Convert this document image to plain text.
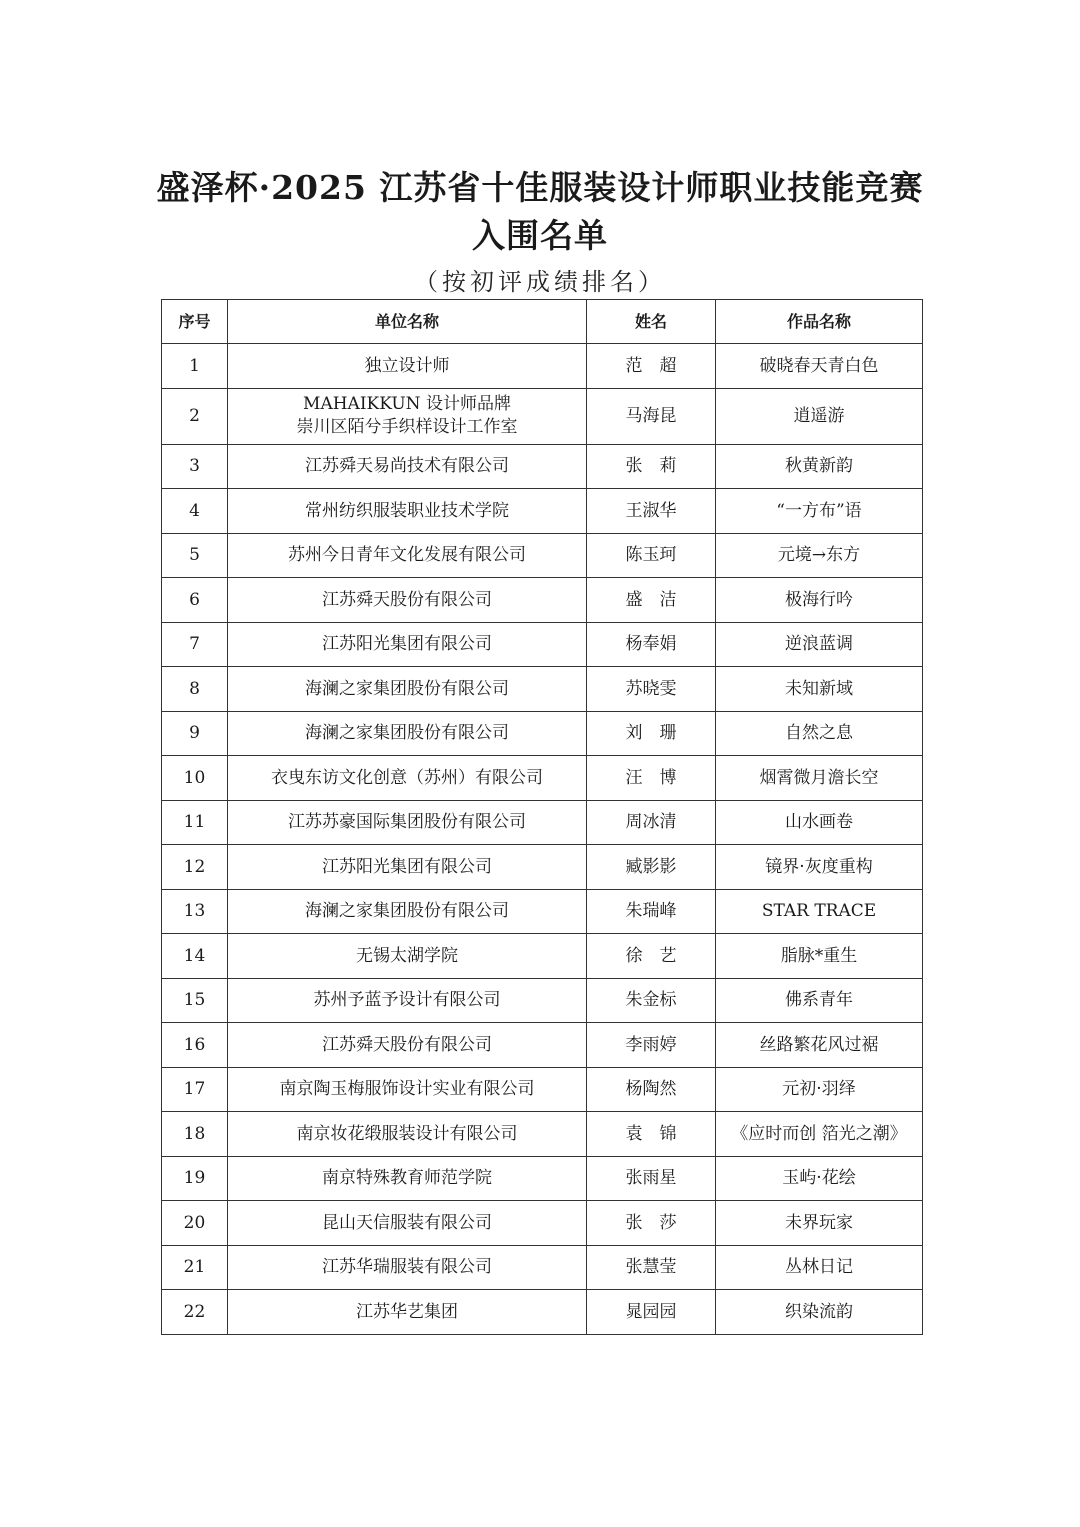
盛泽杯·2025 江苏省十佳服装设计师职业技能竞赛
入围名单
（按初评成绩排名）
序号	单位名称	姓名	作品名称
1	独立设计师	范　超	破晓春天青白色
2	MAHAIKKUN 设计师品牌
崇川区陌兮手织样设计工作室	马海昆	逍遥游
3	江苏舜天易尚技术有限公司	张　莉	秋黄新韵
4	常州纺织服装职业技术学院	王淑华	“一方布”语
5	苏州今日青年文化发展有限公司	陈玉珂	元境→东方
6	江苏舜天股份有限公司	盛　洁	极海行吟
7	江苏阳光集团有限公司	杨奉娟	逆浪蓝调
8	海澜之家集团股份有限公司	苏晓雯	未知新域
9	海澜之家集团股份有限公司	刘　珊	自然之息
10	衣曳东访文化创意（苏州）有限公司	汪　博	烟霄微月澹长空
11	江苏苏豪国际集团股份有限公司	周冰清	山水画卷
12	江苏阳光集团有限公司	臧影影	镜界·灰度重构
13	海澜之家集团股份有限公司	朱瑞峰	STAR TRACE
14	无锡太湖学院	徐　艺	脂脉*重生
15	苏州予蓝予设计有限公司	朱金标	佛系青年
16	江苏舜天股份有限公司	李雨婷	丝路繁花风过裾
17	南京陶玉梅服饰设计实业有限公司	杨陶然	元初·羽绎
18	南京妆花缎服装设计有限公司	袁　锦	《应时而创 箔光之潮》
19	南京特殊教育师范学院	张雨星	玉屿·花绘
20	昆山天信服装有限公司	张　莎	未界玩家
21	江苏华瑞服装有限公司	张慧莹	丛林日记
22	江苏华艺集团	晁园园	织染流韵
